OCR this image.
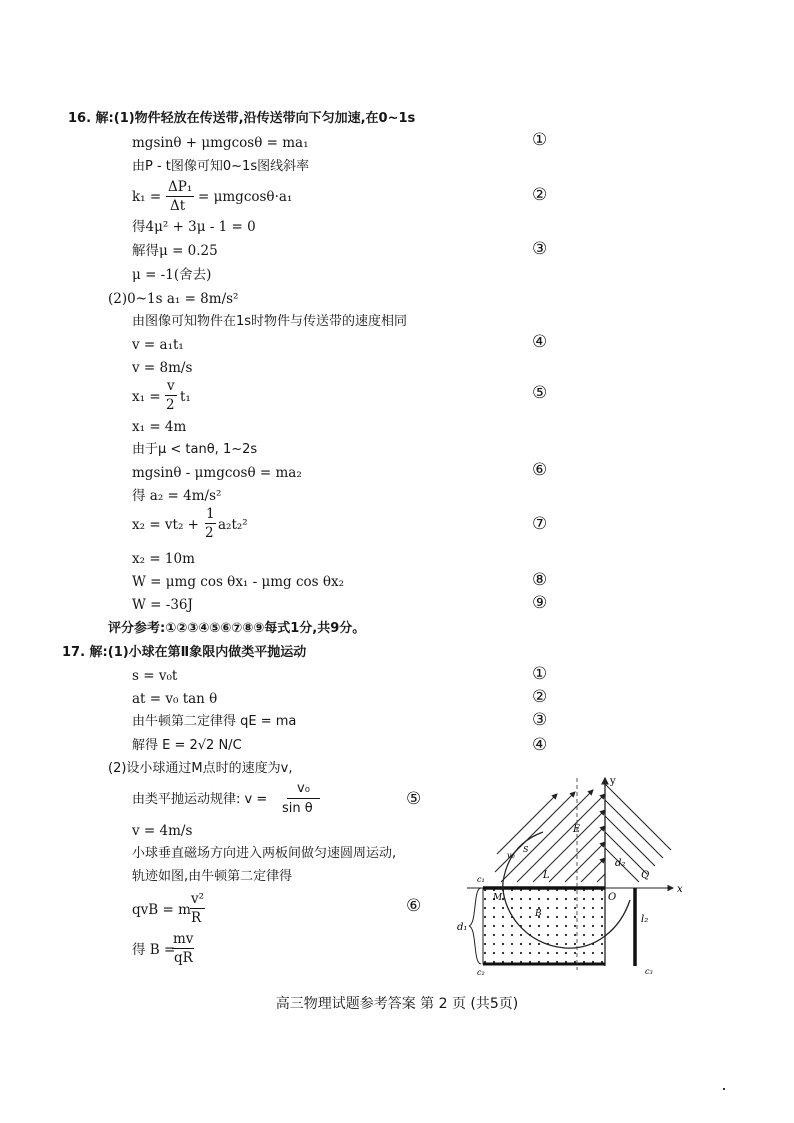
16. 解:(1)物件轻放在传送带,沿传送带向下匀加速,在0~1s
mgsinθ + μmgcosθ = ma₁	①
由P - t图像可知0~1s图线斜率
k₁ =
ΔP₁
Δt
= μmgcosθ·a₁	②
得4μ² + 3μ - 1 = 0
解得μ = 0.25	③
μ = -1(舍去)
(2)0~1s a₁ = 8m/s²
由图像可知物件在1s时物件与传送带的速度相同
v = a₁t₁	④
v = 8m/s
x₁ =
v
2 t₁	⑤
x₁ = 4m
由于μ < tanθ, 1~2s
mgsinθ - μmgcosθ = ma₂	⑥
得 a₂ = 4m/s²
x₂ = vt₂ +
1
2 a₂t₂²	⑦
x₂ = 10m
W = μmg cos θx₁ - μmg cos θx₂	⑧
W = -36J	⑨
评分参考:①②③④⑤⑥⑦⑧⑨每式1分,共9分。
17. 解:(1)小球在第Ⅱ象限内做类平抛运动
s = v₀t	①
at = v₀ tan θ	②
由牛顿第二定律得 qE = ma	③
解得 E = 2√2 N/C	④
(2)设小球通过M点时的速度为v,
由类平抛运动规律: v =
v₀
sin θ	⑤
v = 4m/s
小球垂直磁场方向进入两板间做匀速圆周运动,
轨迹如图,由牛顿第二定律得
qvB = m
v²
R
⑥
得 B =
mv
qR
y
x
E
O
Q
d₂
l₂
d₁
c₁
c₂	c₃
M
L
B
v₀
S
高三物理试题参考答案 第 2 页 (共5页)
